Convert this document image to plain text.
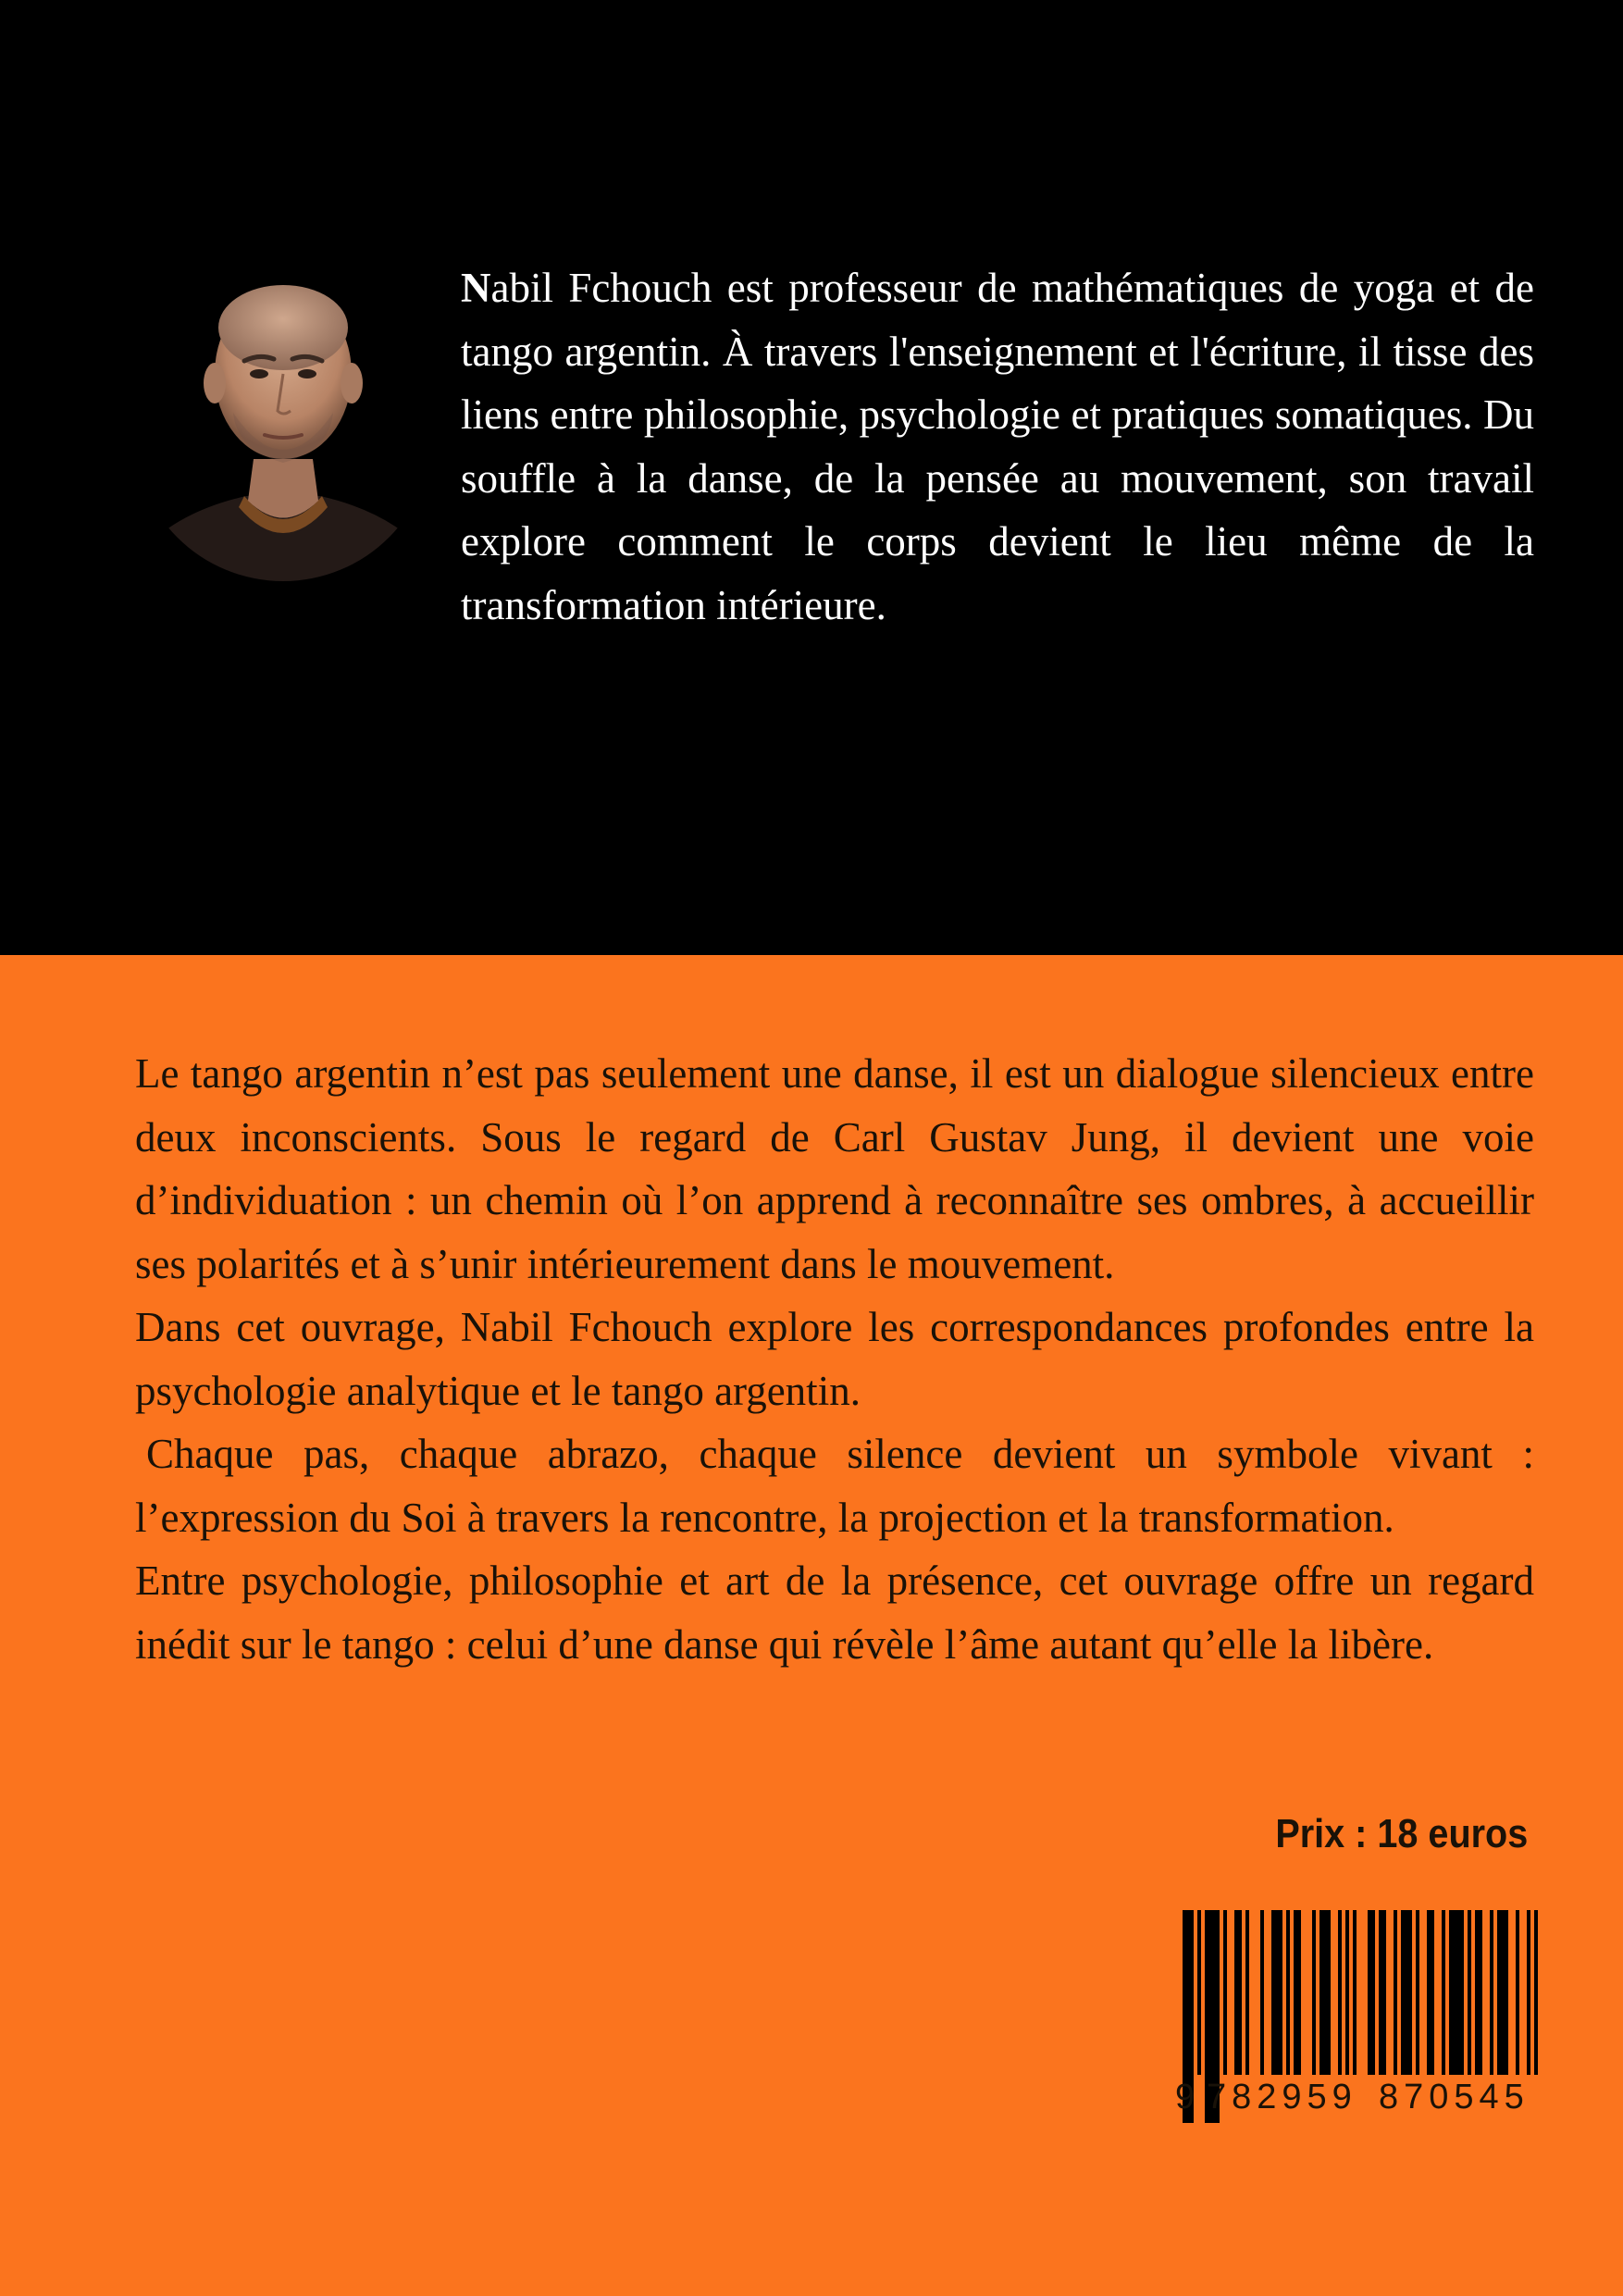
Nabil Fchouch est professeur de mathématiques de yoga et de tango argentin. À travers l'enseignement et l'écriture, il tisse des liens entre philosophie, psychologie et pratiques somatiques. Du souffle à la danse, de la pensée au mouvement, son travail explore comment le corps devient le lieu même de la transformation intérieure.

Le tango argentin n’est pas seulement une danse, il est un dialogue silencieux entre deux inconscients. Sous le regard de Carl Gustav Jung, il devient une voie d’individuation : un chemin où l’on apprend à reconnaître ses ombres, à accueillir ses polarités et à s’unir intérieurement dans le mouvement.

Dans cet ouvrage, Nabil Fchouch explore les correspondances profondes entre la psychologie analytique et le tango argentin.

Chaque pas, chaque abrazo, chaque silence devient un symbole vivant : l’expression du Soi à travers la rencontre, la projection et la transformation.

Entre psychologie, philosophie et art de la présence, cet ouvrage offre un regard inédit sur le tango : celui d’une danse qui révèle l’âme autant qu’elle la libère.

Prix : 18 euros

9 782959 870545
